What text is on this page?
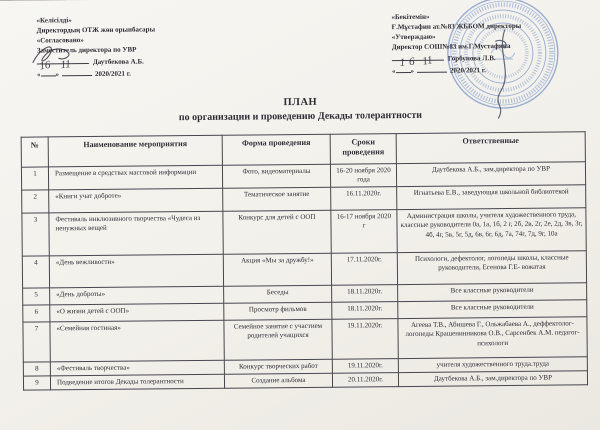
«Келісілді»
Директордың ОТЖ жөн орынбасары
«Согласовано»
Заместитель директора по УВР
Даутбекова А.Б.
« »	2020/2021 г.
«Бекітемін»
Ғ.Мұстафин ат.№83 ЖББОМ директоры
«Утверждаю»
Директор СОШ№83 им.Г.Мустафина
Горбунова Л.В.
« »	2020/2021 г.
ПЛАН
по организации и проведению Декады толерантности
№	Наименование мероприятия	Форма проведения	Сроки проведения	Ответственные
1	Размещение в средствах массовой информации	Фото, видеоматериалы	16-20 ноября 2020 года	Даутбекова А.Б., зам.директора по УВР
2	«Книги учат доброте»	Тематическое занятие	16.11.2020г.	Игнатьева Е.В., заведующая школьной библиотекой
3	Фестиваль инклюзивного творчества «Чудеса из ненужных вещей	Конкурс для детей с ООП	16-17 ноября 2020 г	Администрация школы, учителя художественного труда, классные руководители 0а, 1а, 1б, 2 г, 2б, 2в, 2г, 2е, 2д, 3в, 3г, 4б, 4г, 5в, 5г, 5д, 6в, 6г, 6д, 7а, 74г, 7д, 9г, 10а
4	«День вежливости»	Акция «Мы за дружбу!»	17.11.2020г.	Психологи, дефектолог, логопеды школы, классные руководители, Есенова Г.Е- вожатая
5	«День доброты»	Беседы	18.11.2020г.	Все классные руководители
6	«О жизни детей с ООП»	Просмотр фильмов	18.11.2020г.	Все классные руководители
7	«Семейная гостиная»	Семейное занятие с участием родителей учащихся	19.11.2020г.	Агеева Т.В., Абишева Г., Ольжабаева А., деффектолог-логопеды Крашенинникова О.В., Сарсенбек А.М. педагог-психологи
8	«Фестиваль творчества»	Конкурс творческих работ	19.11.2020г.	учителя художественного труда.труда
9	Подведение итогов Декады толерантности	Создание альбома	20.11.2020г.	Даутбекова А.Б., зам.директора по УВР
16 11	16 11
